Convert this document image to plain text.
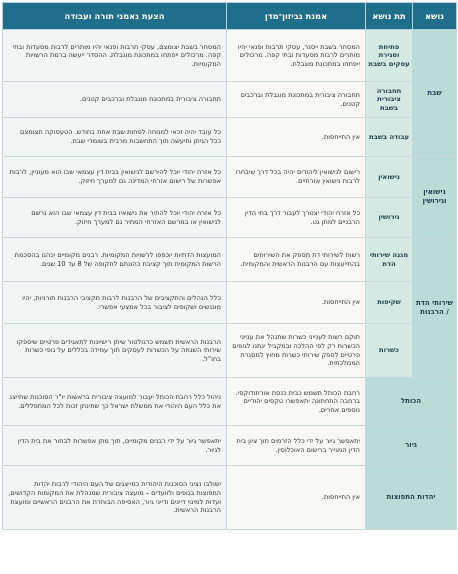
נושא	תת נושא	אמנת גביזון־מדן	הצעת נאמני תורה ועבודה
שבת	פתיחת וסגירת עסקים בשבת	המסחר בשבת ייסגר, עסקי תרבות ופנאי יהיו מותרים לרבות מסעדות ובתי קפה. מרכולים ייפתחו במתכונת מוגבלת.	המסחר בשבת יצומצם, עסקי תרבות ופנאי יהיו מותרים לרבות מסעדות ובתי קפה. מרכולים ייפתחו במתכונת מוגבלת. ההסדר ייעשה ברמת הרשויות המקומיות.
	תחבורה ציבורית בשבת	תחבורה ציבורית במתכונת מוגבלת וברכבים קטנים.	תחבורה ציבורית במתכונת מוגבלת וברכבים קטנים.
	עבודה בשבת	אין התייחסות.	כל עובד יהיה זכאי למנוחה לפחות שבת אחת בחודש. הטעסוקה תצומצם ככל הניתן ותיעשה תוך התחשבות מרבית בשומרי שבת.
נישואין וגירושין	נישואין	רישום לנישואין ליהודים יהיה בכל דרך שיבחרו לרבות נישואין אזרחיים.	כל אזרח יהודי יוכל להירשם לנישואין בבית דין עצמאי שבו הוא מעוניין, לרבות אפשרות של רישום אזרחי המדינה גם למערך חיזוק.
	גירושין	כל אזרח יהודי יצטרך לעבור דרך בתי הדין הרבניים למתן גט.	כל אזרח יהודי יוכל להתיר את נישואיו בבית דין עצמאי שבו הוא נרשם לנישואין או במרשם האזרחי המתיר גם למערך חיזוק.
שירותי הדת / הרבנות	מגנה שירותי הדת	רשות לשירותי דת תספק את השירותים בהתייעצות עם הרבנות הראשית והמקומית.	המועצות הדתיות יוכפפו לרשויות המקומיות. רבנים מקומיים יכהנו בהסכמת הרשות המקומית תוך קציבת כהונתם לתקופה של 8 עד 10 שנים.
	שקיפות	אין התייחסות.	כלל הנהלים והתקציבים של הרבנות לרבות תקציבי הרבנות תורניות, יהיו מונגשים ושקופים לציבור בכל אמצעי אפשרי.
	כשרות	תוקם רשות לענייני כשרות שתנהל את ענייני הכשרות רק לפי ההלכה ובמקביל ינתנו לגופים פרטיים לספק שירותי כשרות מחוץ למסגרת הממלכתית.	הרבנות הראשית תשמש כרגולטור שיתן רישיונות לתאגידים פרטיים שיספקו שירותי השגחה על הכשרות לעסקים תוך עמידה בכללים על גופי כשרות בחו"ל.
הכותל		רחבת הכותל תשמש כבית כנסת אורתודוקסי. ברחבה התחתונה יתאפשרו טקסים יהודיים נוספים אחרים.	ניהול כלל רחבת הכותל יעבור למועצה ציבורית בראשות יו"ר הסוכנות שתייצג את כלל העם היהודי את ממשלת ישראל כך שתינתן זכות לכל המתפללים.
גיור		יתאפשר גיור על ידי כלל הזרמים תוך ציון בית הדין המגייר ברישום האוכלוסין.	יתאפשר גיור על ידי רבנים מקומיים, תוך מתן אפשרות לבחור את בית הדין לגיור.
יהדות התפוצות		אין התייחסות.	ישולבו נציגי הסוכנות היהודית כמייצגים של העם היהודי לרבות יהדות התפוצות בגופים ולוועדים – מועצה ציבורית שמנהלת את המקומות הקדושים, ועדות למינוי דיינים ודייני גיור, האסיפה הבוחרת את הרבנים הראשיים ומועצת הרבנות הראשית.
